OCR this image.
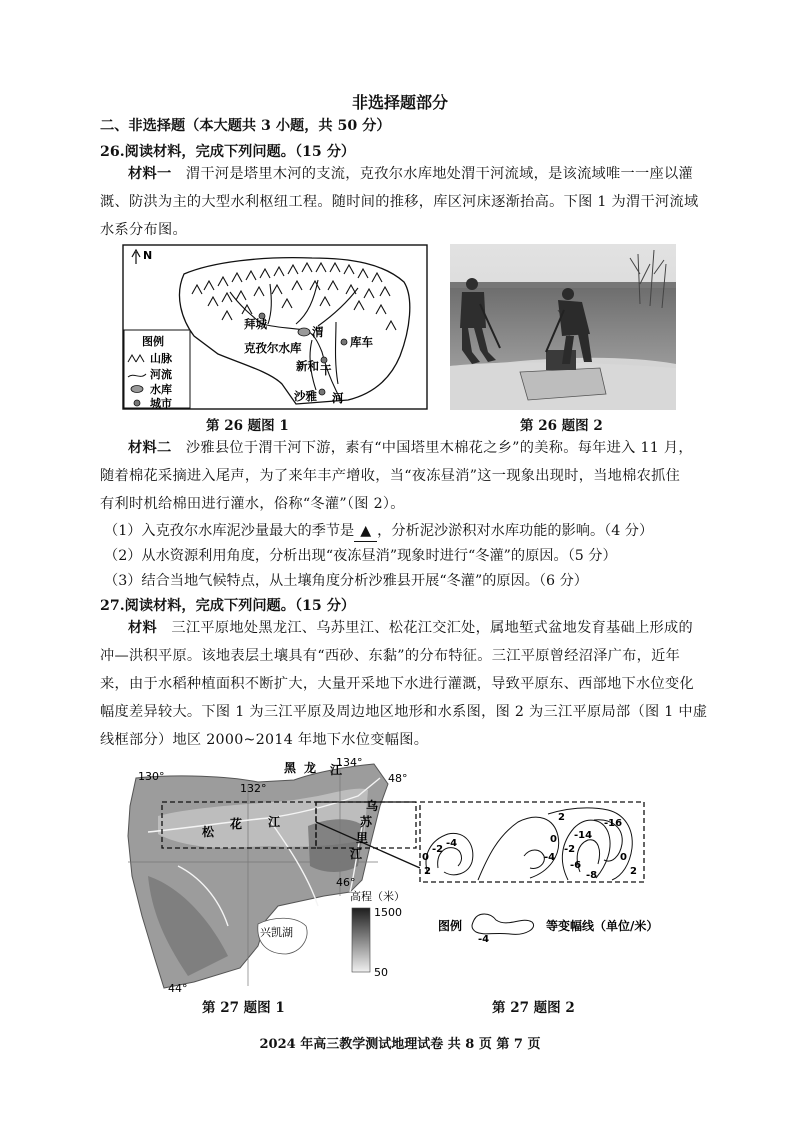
非选择题部分
二、非选择题（本大题共 3 小题，共 50 分）
26.阅读材料，完成下列问题。（15 分）
材料一 渭干河是塔里木河的支流，克孜尔水库地处渭干河流域，是该流域唯一一座以灌
溉、防洪为主的大型水利枢纽工程。随时间的推移，库区河床逐渐抬高。下图 1 为渭干河流域
水系分布图。
N
拜城
克孜尔水库
新和
库车
沙雅
渭
干
河
图例
山脉
河流
水库
城市
第 26 题图 1	第 26 题图 2
材料二 沙雅县位于渭干河下游，素有“中国塔里木棉花之乡”的美称。每年进入 11 月，
随着棉花采摘进入尾声，为了来年丰产增收，当“夜冻昼消”这一现象出现时，当地棉农抓住
有利时机给棉田进行灌水，俗称“冬灌”（图 2）。
（1）入克孜尔水库泥沙量最大的季节是 ▲ ，分析泥沙淤积对水库功能的影响。（4 分）
（2）从水资源利用角度，分析出现“夜冻昼消”现象时进行“冬灌”的原因。（5 分）
（3）结合当地气候特点，从土壤角度分析沙雅县开展“冬灌”的原因。（6 分）
27.阅读材料，完成下列问题。（15 分）
材料 三江平原地处黑龙江、乌苏里江、松花江交汇处，属地堑式盆地发育基础上形成的
冲—洪积平原。该地表层土壤具有“西砂、东黏”的分布特征。三江平原曾经沼泽广布，近年
来，由于水稻种植面积不断扩大，大量开采地下水进行灌溉，导致平原东、西部地下水位变化
幅度差异较大。下图 1 为三江平原及周边地区地形和水系图，图 2 为三江平原局部（图 1 中虚
线框部分）地区 2000~2014 年地下水位变幅图。
130°
132°
134°
48°
46°
44°
黑 龙 江
松
花 江
乌
苏
里
江
兴凯湖
高程（米）
1500
50
-4
-2
0
2
2
0
-2
-4
-14
-16
-6
-8
0
2
图例
-4
等变幅线（单位/米）
第 27 题图 1	第 27 题图 2
2024 年高三教学测试地理试卷 共 8 页 第 7 页
